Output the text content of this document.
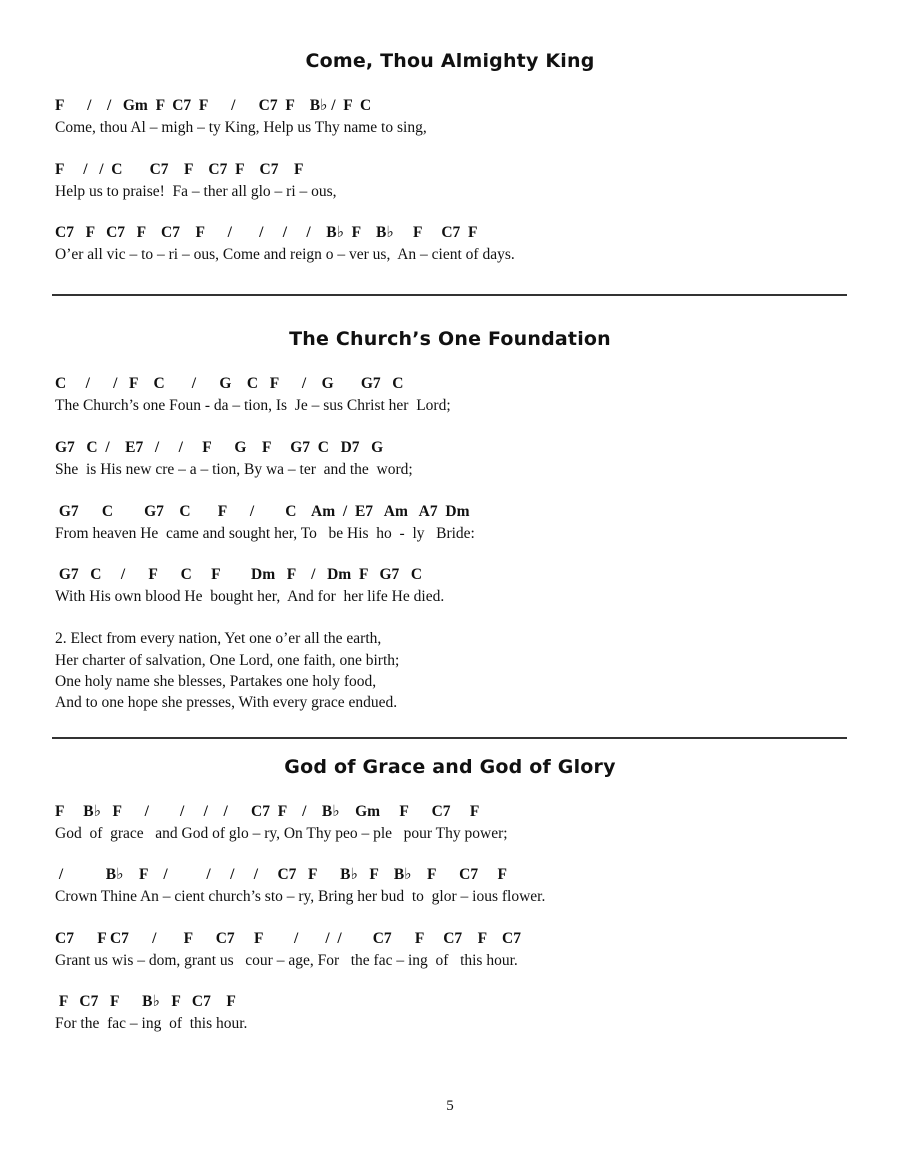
Come, Thou Almighty King
F      /    /   Gm  F  C7  F      /      C7  F    B♭ /  F  C
Come, thou Al – migh – ty King, Help us Thy name to sing,
F     /   /  C       C7    F    C7  F    C7    F
Help us to praise!  Fa – ther all glo – ri – ous,
C7   F   C7   F    C7    F      /       /     /     /    B♭  F    B♭     F     C7  F
O’er all vic – to – ri – ous, Come and reign o – ver us,  An – cient of days.
The Church’s One Foundation
C     /      /   F    C       /      G    C   F      /    G       G7   C
The Church’s one Foun - da – tion, Is  Je – sus Christ her  Lord;
G7   C  /    E7   /     /     F      G    F     G7  C   D7   G
She  is His new cre – a – tion, By wa – ter  and the  word;
G7      C        G7    C       F      /        C    Am  /  E7   Am   A7  Dm
From heaven He  came and sought her, To   be His  ho  -  ly   Bride:
G7   C     /      F      C     F        Dm   F    /   Dm  F   G7   C
With His own blood He  bought her,  And for  her life He died.
2. Elect from every nation, Yet one o’er all the earth,
Her charter of salvation, One Lord, one faith, one birth;
One holy name she blesses, Partakes one holy food,
And to one hope she presses, With every grace endued.
God of Grace and God of Glory
F     B♭   F      /        /     /    /      C7  F    /    B♭    Gm     F      C7     F
God  of  grace   and God of glo – ry, On Thy peo – ple   pour Thy power;
/           B♭    F    /          /     /     /     C7   F      B♭   F    B♭    F      C7     F
Crown Thine An – cient church’s sto – ry, Bring her bud  to  glor – ious flower.
C7      F C7      /       F      C7     F        /       /  /        C7      F     C7    F    C7
Grant us wis – dom, grant us   cour – age, For   the fac – ing  of   this hour.
F   C7   F      B♭   F   C7    F
For the  fac – ing  of  this hour.
5
